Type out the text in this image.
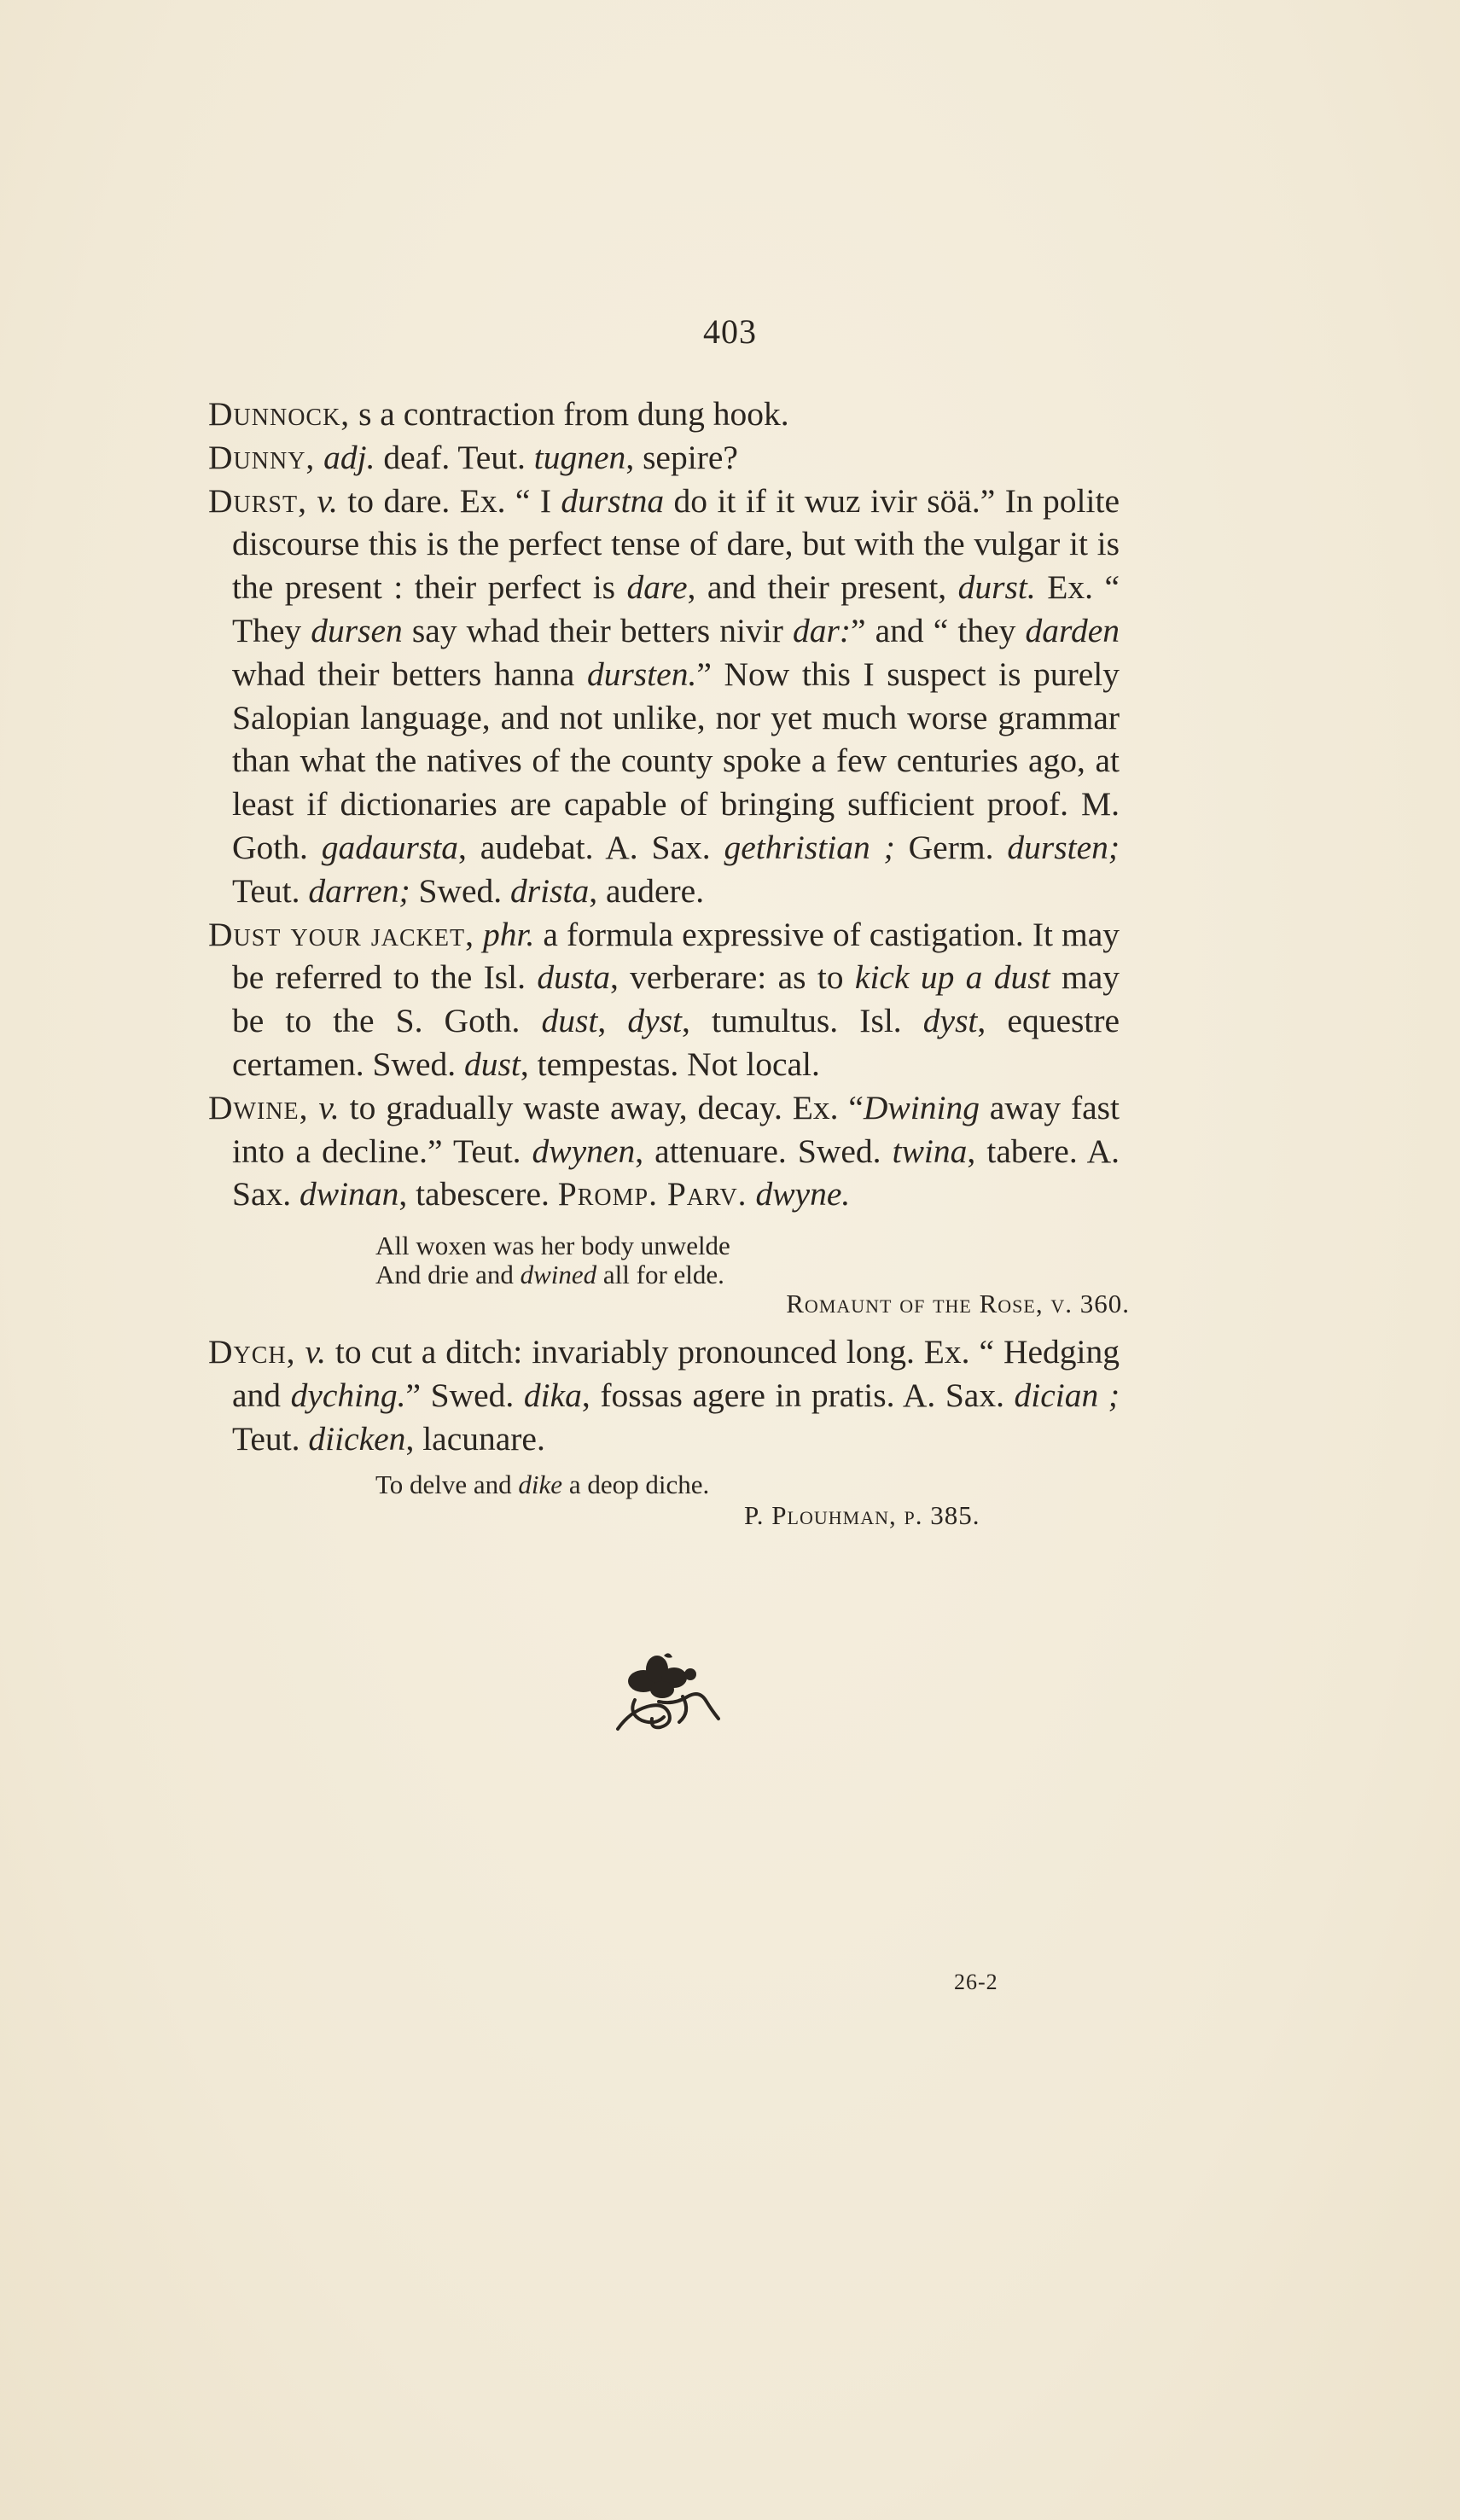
403

Dunnock, s a contraction from dung hook.

Dunny, adj. deaf. Teut. tugnen, sepire?

Durst, v. to dare. Ex. “ I durstna do it if it wuz ivir söä.” In polite discourse this is the perfect tense of dare, but with the vulgar it is the present : their perfect is dare, and their present, durst. Ex. “ They dursen say whad their betters nivir dar:” and “ they darden whad their betters hanna dursten.” Now this I suspect is purely Salopian language, and not unlike, nor yet much worse grammar than what the natives of the county spoke a few centuries ago, at least if dictionaries are capable of bringing sufficient proof. M. Goth. gadaursta, audebat. A. Sax. gethristian ; Germ. dursten; Teut. darren; Swed. drista, audere.

Dust your jacket, phr. a formula expressive of castigation. It may be referred to the Isl. dusta, verberare: as to kick up a dust may be to the S. Goth. dust, dyst, tumultus. Isl. dyst, equestre certamen. Swed. dust, tempestas. Not local.

Dwine, v. to gradually waste away, decay. Ex. “Dwining away fast into a decline.” Teut. dwynen, attenuare. Swed. twina, tabere. A. Sax. dwinan, tabescere. Promp. Parv. dwyne.

All woxen was her body unwelde
And drie and dwined all for elde.
Romaunt of the Rose, v. 360.

Dych, v. to cut a ditch: invariably pronounced long. Ex. “ Hedging and dyching.” Swed. dika, fossas agere in pratis. A. Sax. dician ; Teut. diicken, lacunare.

To delve and dike a deop diche.
P. Plouhman, p. 385.
26-2
